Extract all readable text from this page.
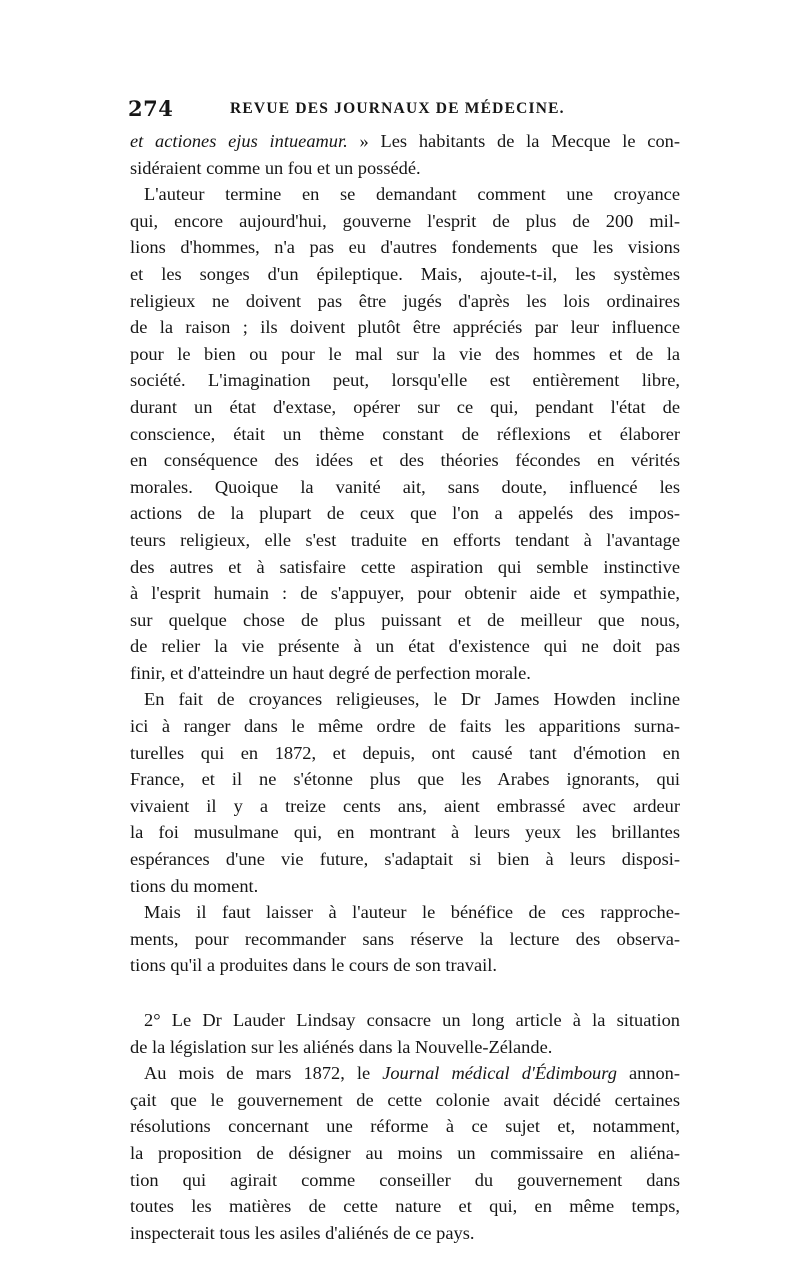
274	REVUE DES JOURNAUX DE MÉDECINE.
et actiones ejus intueamur. » Les habitants de la Mecque le con-
sidéraient comme un fou et un possédé.
L'auteur termine en se demandant comment une croyance
qui, encore aujourd'hui, gouverne l'esprit de plus de 200 mil-
lions d'hommes, n'a pas eu d'autres fondements que les visions
et les songes d'un épileptique. Mais, ajoute-t-il, les systèmes
religieux ne doivent pas être jugés d'après les lois ordinaires
de la raison ; ils doivent plutôt être appréciés par leur influence
pour le bien ou pour le mal sur la vie des hommes et de la
société. L'imagination peut, lorsqu'elle est entièrement libre,
durant un état d'extase, opérer sur ce qui, pendant l'état de
conscience, était un thème constant de réflexions et élaborer
en conséquence des idées et des théories fécondes en vérités
morales. Quoique la vanité ait, sans doute, influencé les
actions de la plupart de ceux que l'on a appelés des impos-
teurs religieux, elle s'est traduite en efforts tendant à l'avantage
des autres et à satisfaire cette aspiration qui semble instinctive
à l'esprit humain : de s'appuyer, pour obtenir aide et sympathie,
sur quelque chose de plus puissant et de meilleur que nous,
de relier la vie présente à un état d'existence qui ne doit pas
finir, et d'atteindre un haut degré de perfection morale.
En fait de croyances religieuses, le Dr James Howden incline
ici à ranger dans le même ordre de faits les apparitions surna-
turelles qui en 1872, et depuis, ont causé tant d'émotion en
France, et il ne s'étonne plus que les Arabes ignorants, qui
vivaient il y a treize cents ans, aient embrassé avec ardeur
la foi musulmane qui, en montrant à leurs yeux les brillantes
espérances d'une vie future, s'adaptait si bien à leurs disposi-
tions du moment.
Mais il faut laisser à l'auteur le bénéfice de ces rapproche-
ments, pour recommander sans réserve la lecture des observa-
tions qu'il a produites dans le cours de son travail.
2° Le Dr Lauder Lindsay consacre un long article à la situation
de la législation sur les aliénés dans la Nouvelle-Zélande.
Au mois de mars 1872, le Journal médical d'Édimbourg annon-
çait que le gouvernement de cette colonie avait décidé certaines
résolutions concernant une réforme à ce sujet et, notamment,
la proposition de désigner au moins un commissaire en aliéna-
tion qui agirait comme conseiller du gouvernement dans
toutes les matières de cette nature et qui, en même temps,
inspecterait tous les asiles d'aliénés de ce pays.
